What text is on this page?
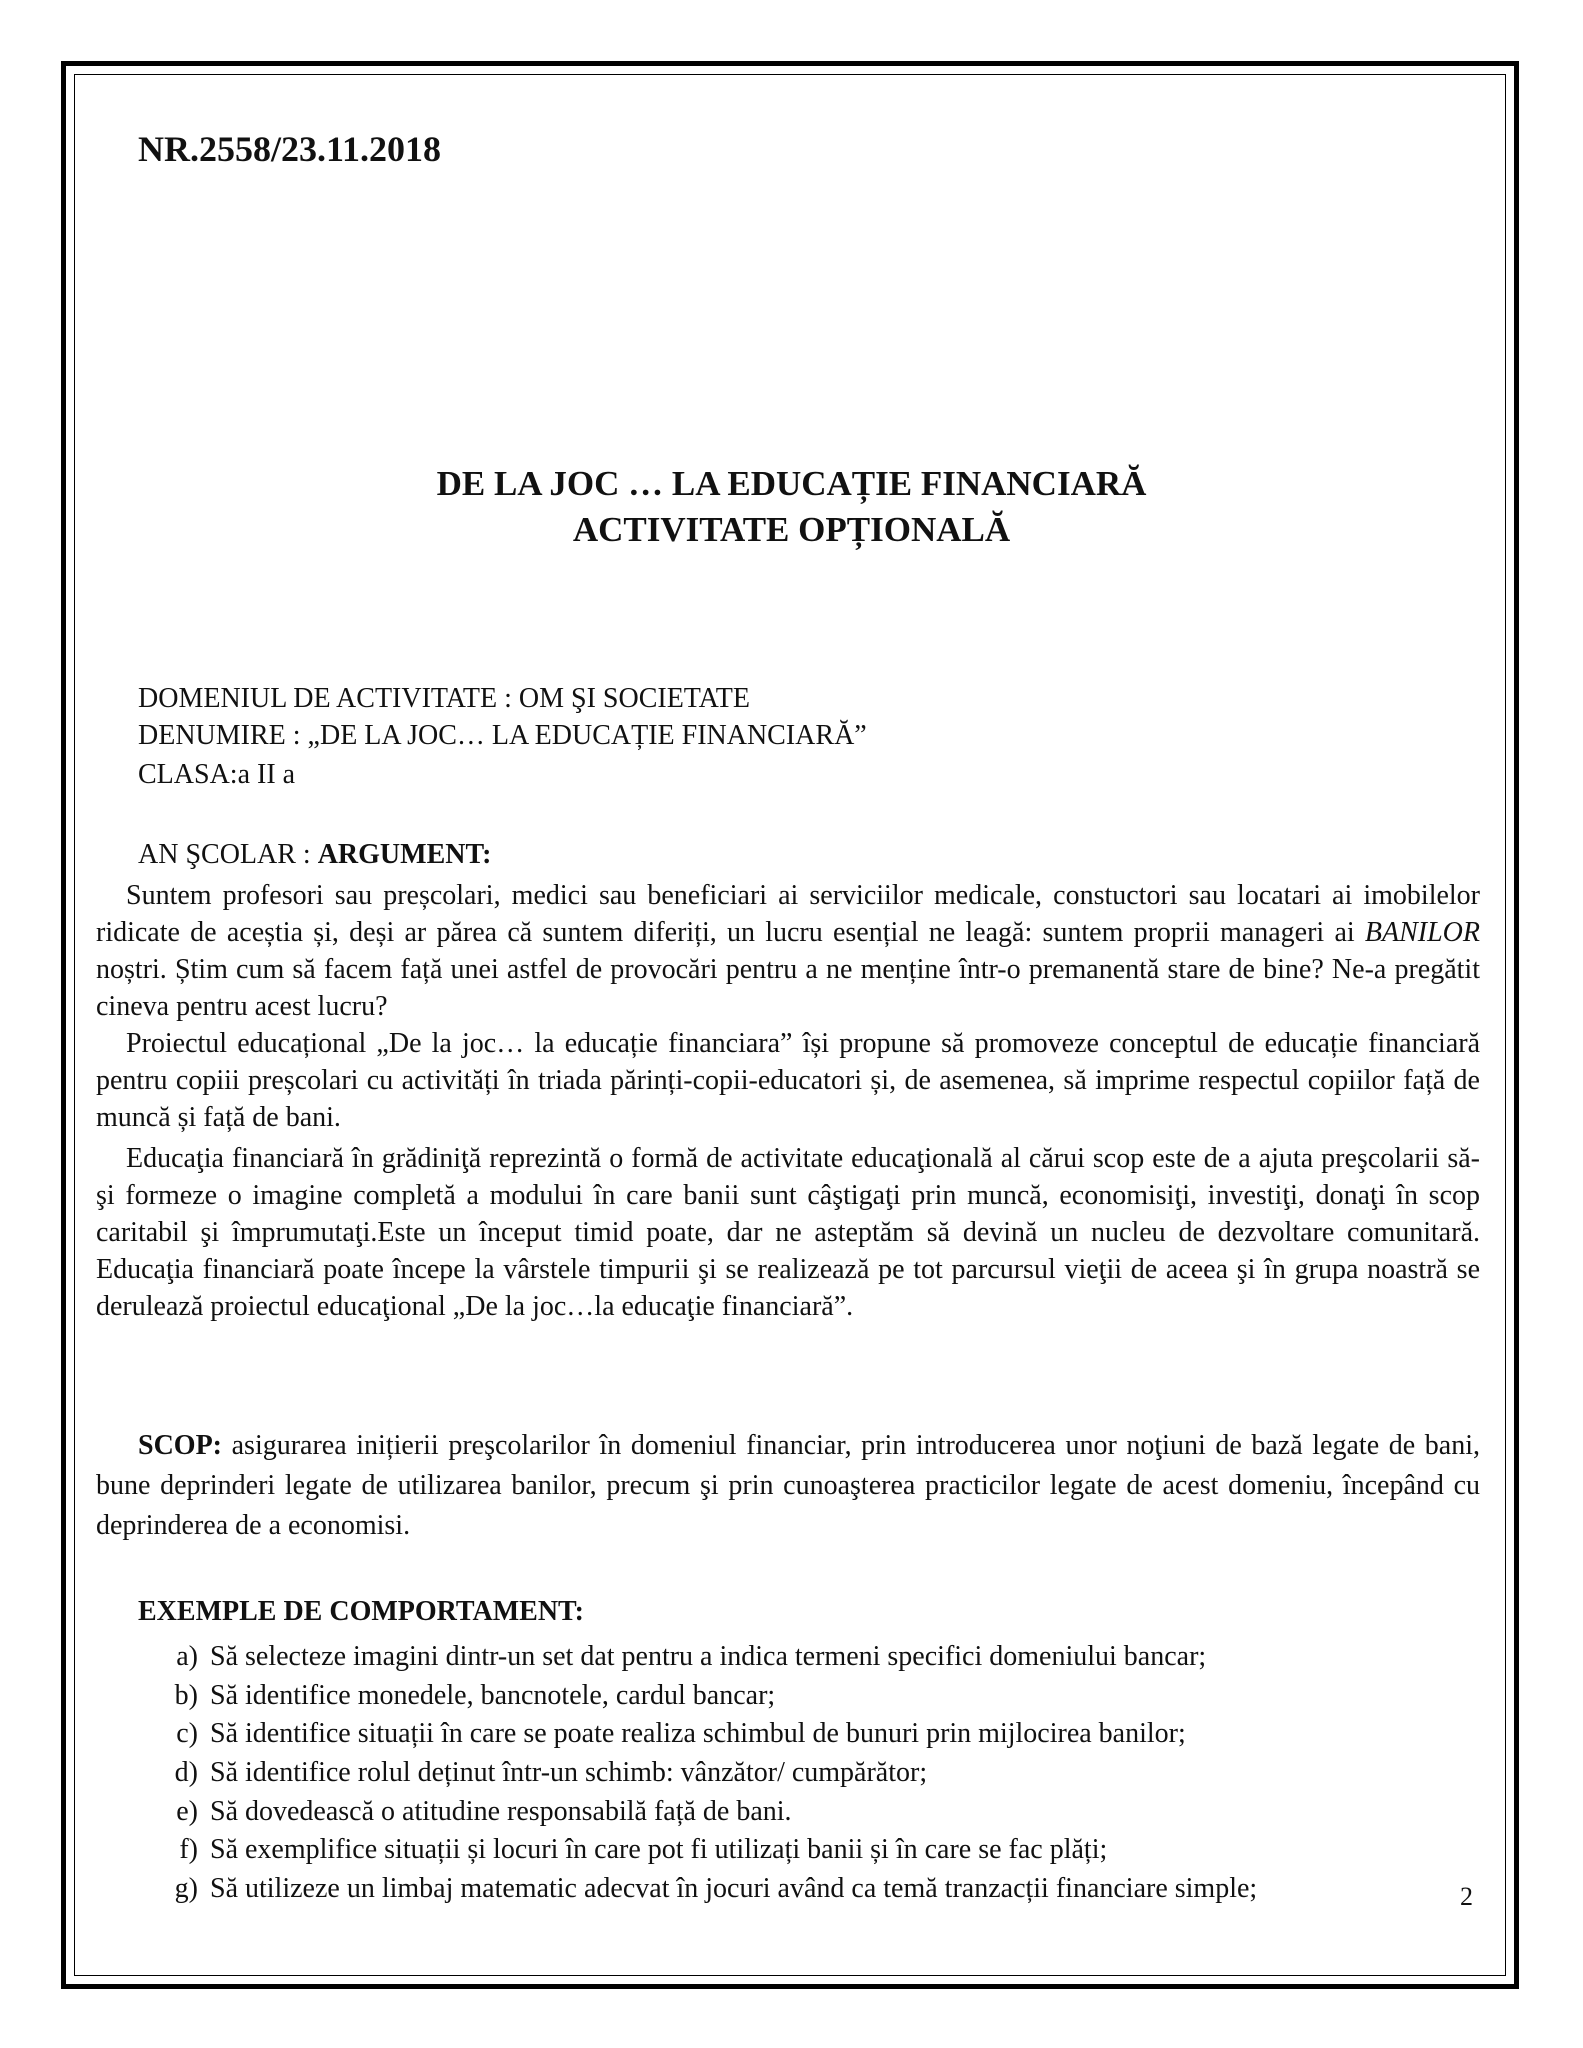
NR.2558/23.11.2018

DE LA JOC … LA EDUCAȚIE FINANCIARĂ
ACTIVITATE OPȚIONALĂ

DOMENIUL DE ACTIVITATE : OM ŞI SOCIETATE

DENUMIRE : „DE LA JOC… LA EDUCAȚIE FINANCIARĂ”

CLASA:a II a

AN ŞCOLAR : ARGUMENT:

Suntem profesori sau preșcolari, medici sau beneficiari ai serviciilor medicale, constuctori sau locatari ai imobilelor ridicate de aceștia și, deși ar părea că suntem diferiți, un lucru esențial ne leagă: suntem proprii manageri ai BANILOR noștri. Știm cum să facem față unei astfel de provocări pentru a ne menține într-o premanentă stare de bine? Ne-a pregătit cineva pentru acest lucru?

Proiectul educațional „De la joc… la educație financiara” își propune să promoveze conceptul de educație financiară pentru copiii preșcolari cu activități în triada părinți-copii-educatori și, de asemenea, să imprime respectul copiilor față de muncă și față de bani.

Educaţia financiară în grădiniţă reprezintă o formă de activitate educaţională al cărui scop este de a ajuta preşcolarii să-şi formeze o imagine completă a modului în care banii sunt câştigaţi prin muncă, economisiţi, investiţi, donaţi în scop caritabil şi împrumutaţi.Este un început timid poate, dar ne asteptăm să devină un nucleu de dezvoltare comunitară. Educaţia financiară poate începe la vârstele timpurii şi se realizează pe tot parcursul vieţii de aceea şi în grupa noastră se derulează proiectul educaţional „De la joc…la educaţie financiară”.

SCOP: asigurarea inițierii preşcolarilor în domeniul financiar, prin introducerea unor noţiuni de bază legate de bani, bune deprinderi legate de utilizarea banilor, precum şi prin cunoaşterea practicilor legate de acest domeniu, începând cu deprinderea de a economisi.

EXEMPLE DE COMPORTAMENT:

a) Să selecteze imagini dintr-un set dat pentru a indica termeni specifici domeniului bancar;
b) Să identifice monedele, bancnotele, cardul bancar;
c) Să identifice situații în care se poate realiza schimbul de bunuri prin mijlocirea banilor;
d) Să identifice rolul deținut într-un schimb: vânzător/ cumpărător;
e) Să dovedească o atitudine responsabilă față de bani.
f) Să exemplifice situații și locuri în care pot fi utilizați banii și în care se fac plăți;
g) Să utilizeze un limbaj matematic adecvat în jocuri având ca temă tranzacții financiare simple;	2
